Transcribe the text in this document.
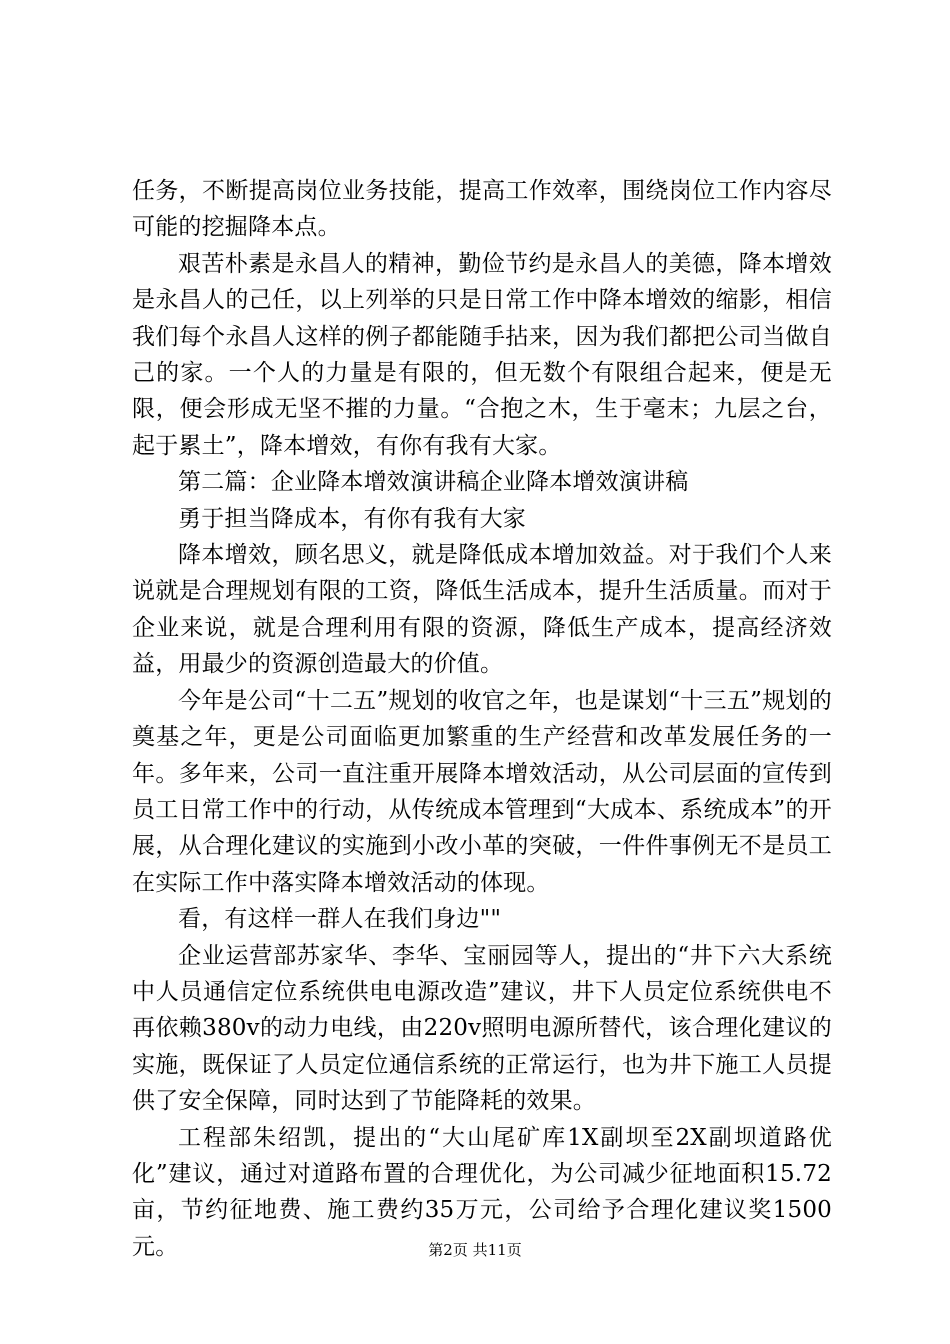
任务，不断提高岗位业务技能，提高工作效率，围绕岗位工作内容尽可能的挖掘降本点。

艰苦朴素是永昌人的精神，勤俭节约是永昌人的美德，降本增效是永昌人的己任，以上列举的只是日常工作中降本增效的缩影，相信我们每个永昌人这样的例子都能随手拈来，因为我们都把公司当做自己的家。一个人的力量是有限的，但无数个有限组合起来，便是无限，便会形成无坚不摧的力量。“合抱之木，生于毫末；九层之台，起于累土”，降本增效，有你有我有大家。

第二篇：企业降本增效演讲稿企业降本增效演讲稿

勇于担当降成本，有你有我有大家

降本增效，顾名思义，就是降低成本增加效益。对于我们个人来说就是合理规划有限的工资，降低生活成本，提升生活质量。而对于企业来说，就是合理利用有限的资源，降低生产成本，提高经济效益，用最少的资源创造最大的价值。

今年是公司“十二五”规划的收官之年，也是谋划“十三五”规划的奠基之年，更是公司面临更加繁重的生产经营和改革发展任务的一年。多年来，公司一直注重开展降本增效活动，从公司层面的宣传到员工日常工作中的行动，从传统成本管理到“大成本、系统成本”的开展，从合理化建议的实施到小改小革的突破，一件件事例无不是员工在实际工作中落实降本增效活动的体现。

看，有这样一群人在我们身边""

企业运营部苏家华、李华、宝丽园等人，提出的“井下六大系统中人员通信定位系统供电电源改造”建议，井下人员定位系统供电不再依赖380v的动力电线，由220v照明电源所替代，该合理化建议的实施，既保证了人员定位通信系统的正常运行，也为井下施工人员提供了安全保障，同时达到了节能降耗的效果。

工程部朱绍凯，提出的“大山尾矿库1X副坝至2X副坝道路优化”建议，通过对道路布置的合理优化，为公司减少征地面积15.72亩，节约征地费、施工费约35万元，公司给予合理化建议奖1500元。	第2页 共11页
